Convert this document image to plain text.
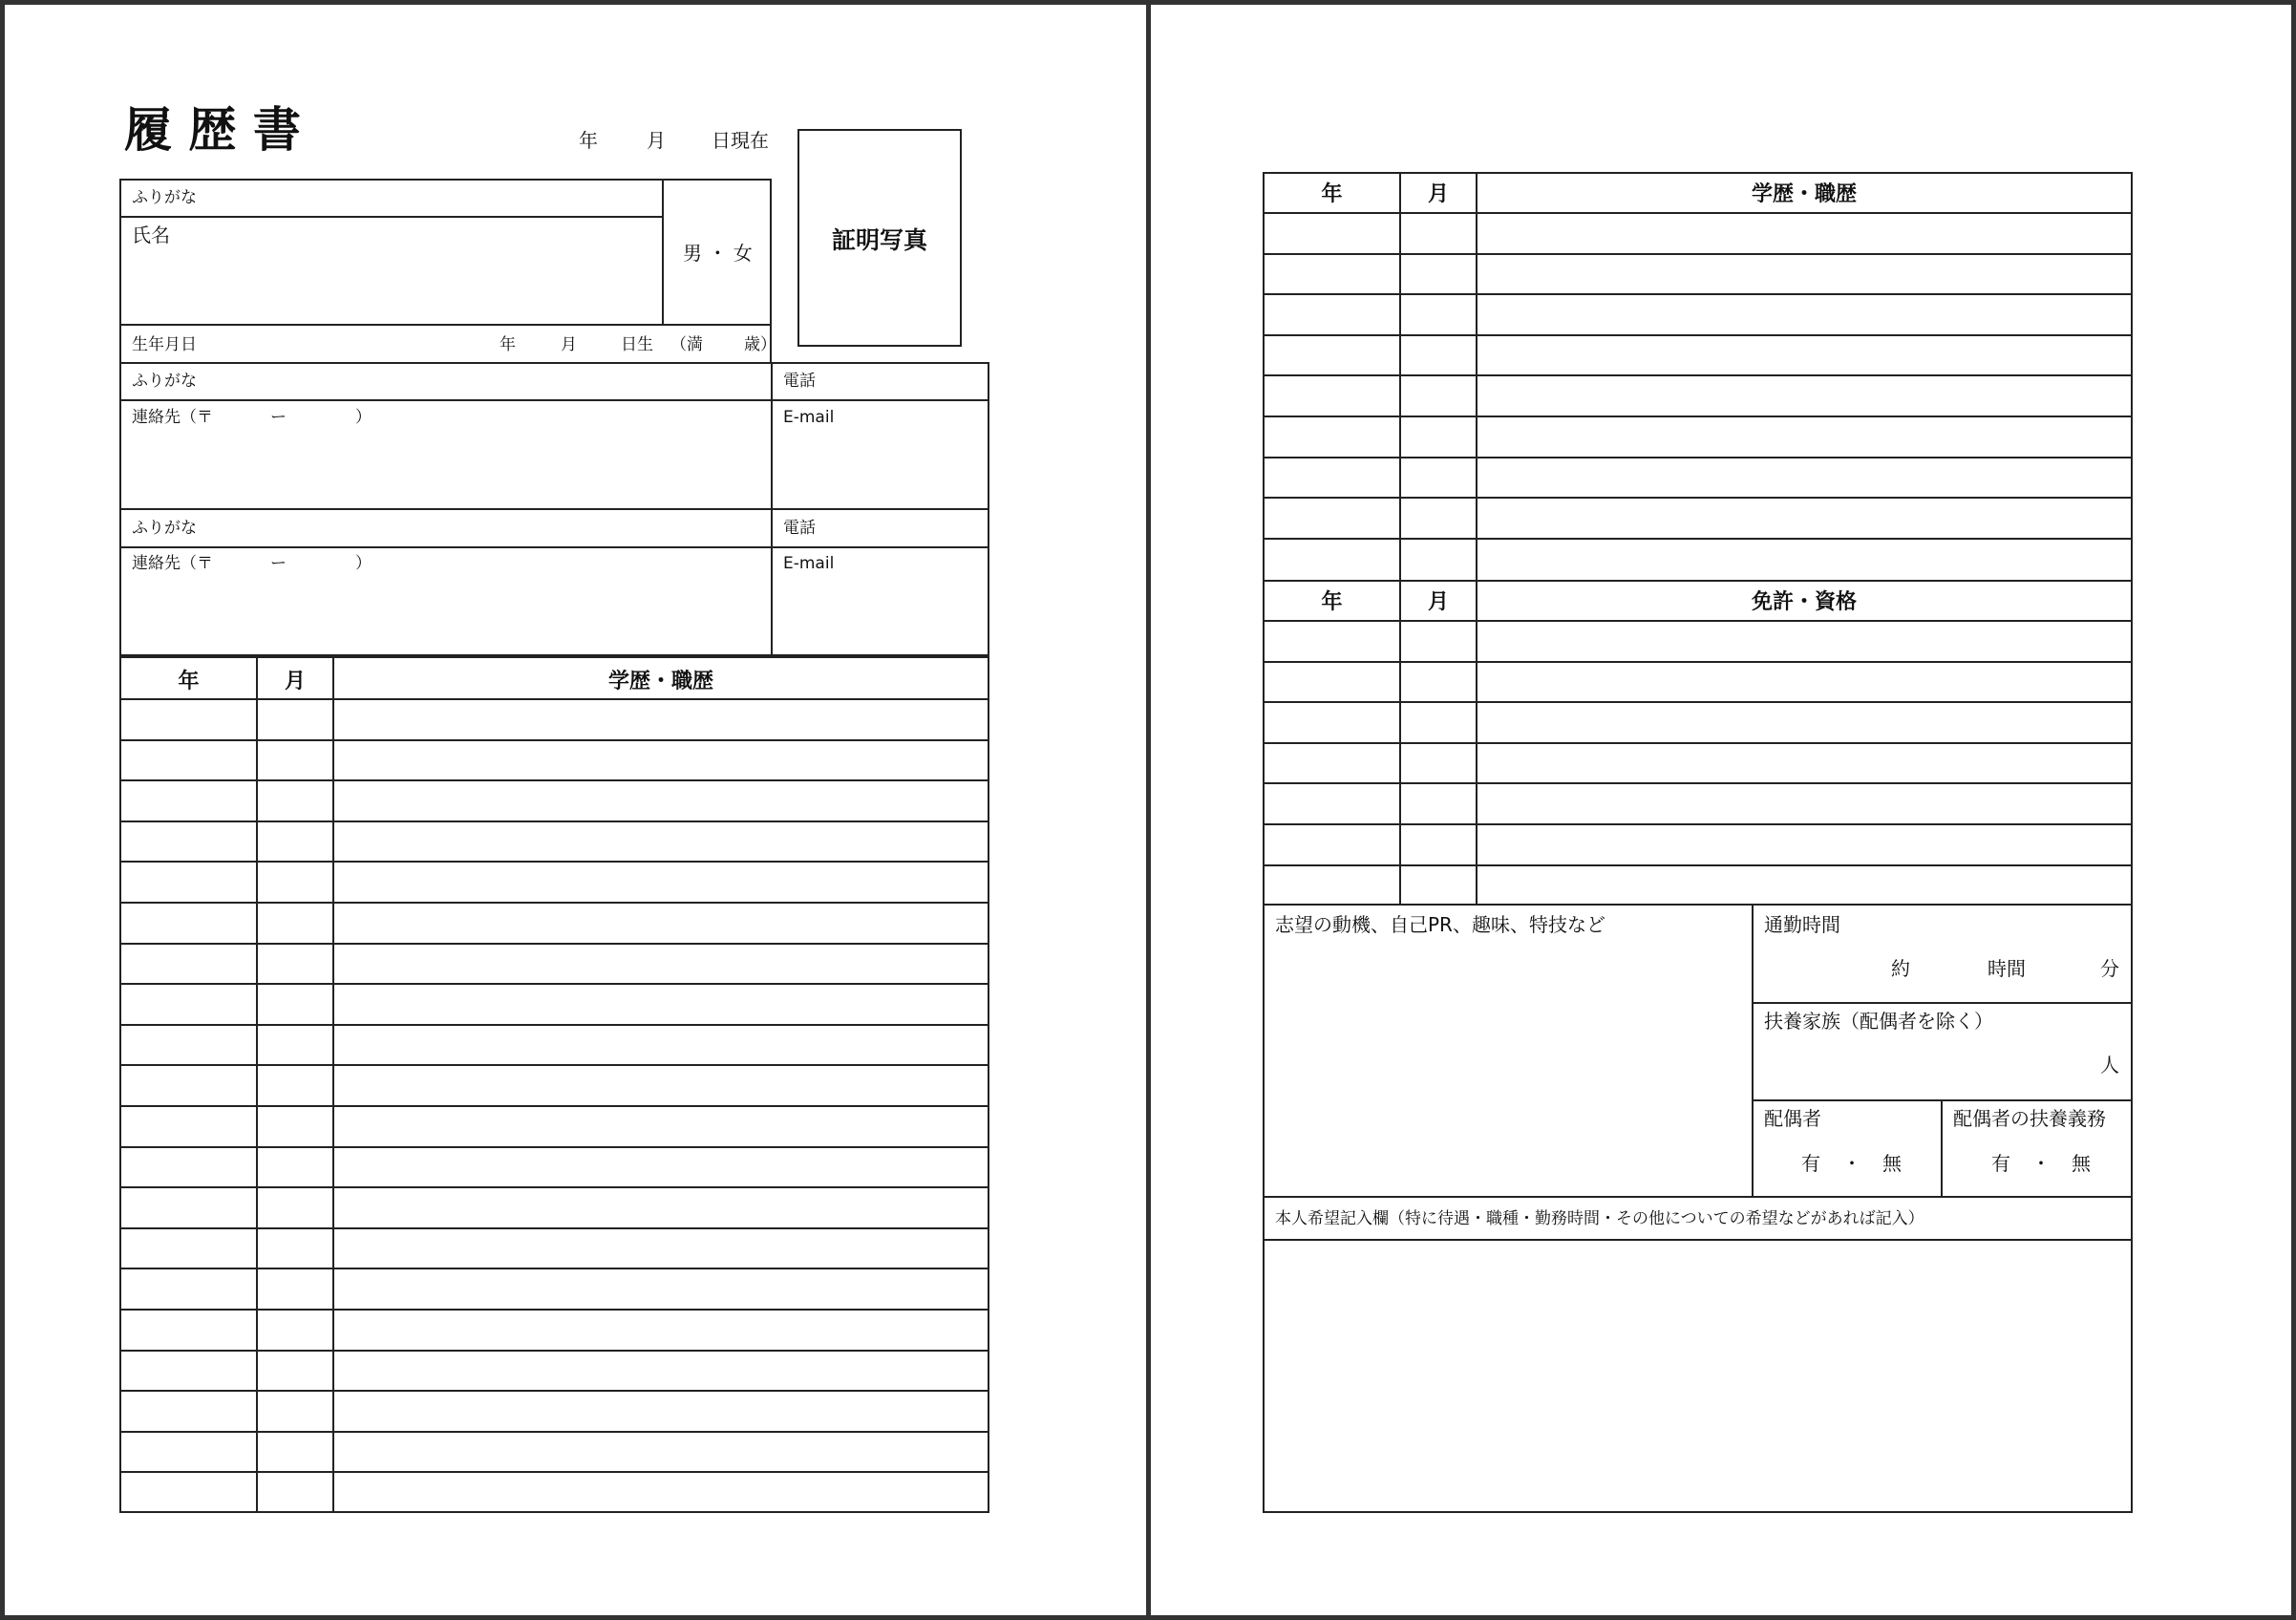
履 歴 書	年	月 日現在
証明写真
ふりがな
氏名
男 ・ 女
生年月日	年	月	日生 （満	歳）
ふりがな	電話
連絡先（〒	ー	）	E-mail
ふりがな	電話
連絡先（〒	ー	）	E-mail
年	月	学歴・職歴
年	月	学歴・職歴
年	月	免許・資格
志望の動機、自己PR、趣味、特技など	通勤時間
約	時間	分
扶養家族（配偶者を除く）
人
配偶者
有 ・ 無
配偶者の扶養義務
有 ・ 無
本人希望記入欄（特に待遇・職種・勤務時間・その他についての希望などがあれば記入）
